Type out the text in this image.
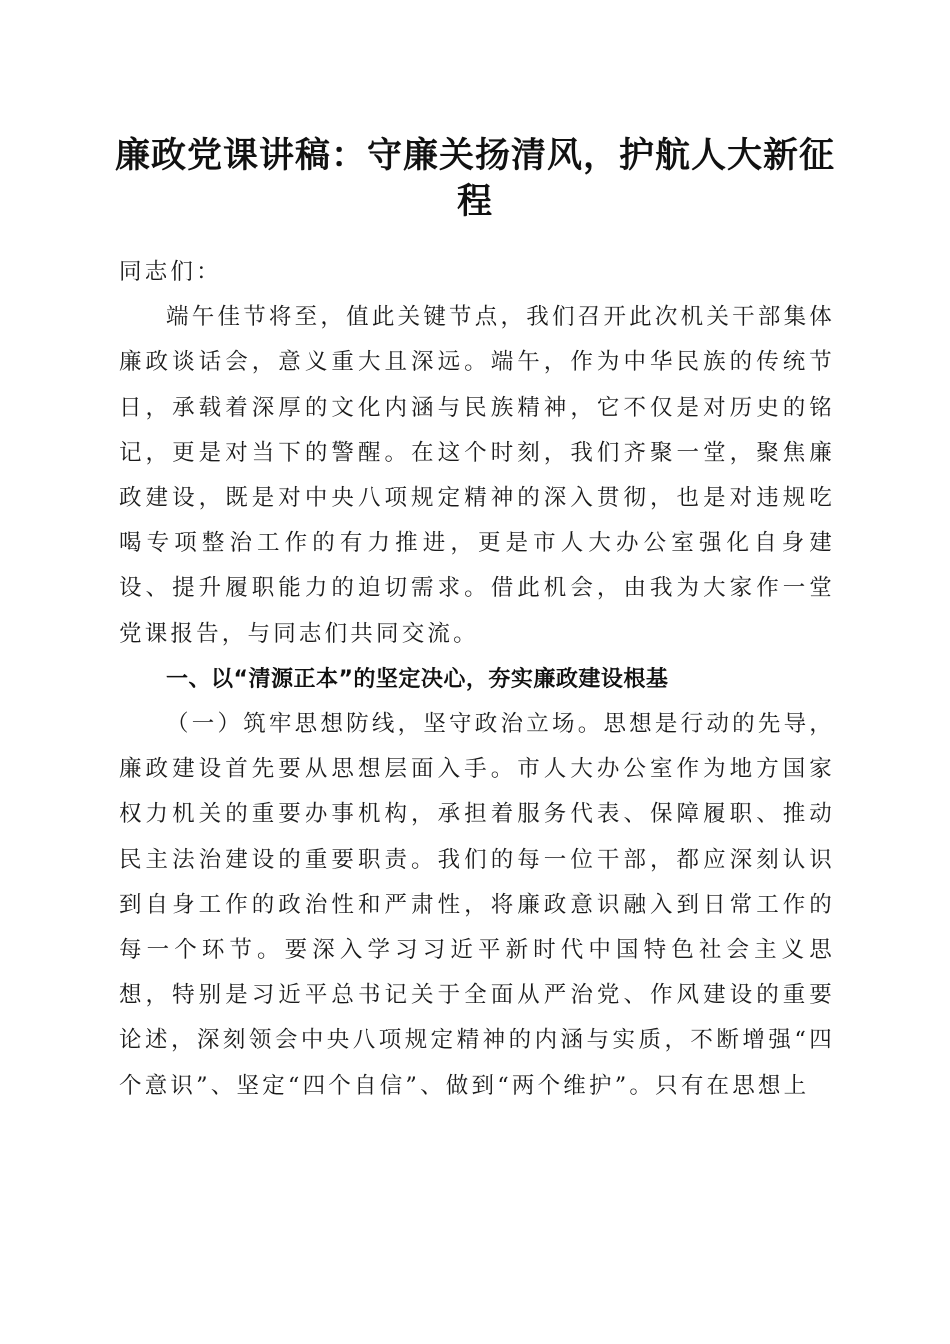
廉政党课讲稿：守廉关扬清风，护航人大新征程

同志们：

端午佳节将至，值此关键节点，我们召开此次机关干部集体廉政谈话会，意义重大且深远。端午，作为中华民族的传统节日，承载着深厚的文化内涵与民族精神，它不仅是对历史的铭记，更是对当下的警醒。在这个时刻，我们齐聚一堂，聚焦廉政建设，既是对中央八项规定精神的深入贯彻，也是对违规吃喝专项整治工作的有力推进，更是市人大办公室强化自身建设、提升履职能力的迫切需求。借此机会，由我为大家作一堂党课报告，与同志们共同交流。

一、以“清源正本”的坚定决心，夯实廉政建设根基

（一）筑牢思想防线，坚守政治立场。思想是行动的先导，廉政建设首先要从思想层面入手。市人大办公室作为地方国家权力机关的重要办事机构，承担着服务代表、保障履职、推动民主法治建设的重要职责。我们的每一位干部，都应深刻认识到自身工作的政治性和严肃性，将廉政意识融入到日常工作的每一个环节。要深入学习习近平新时代中国特色社会主义思想，特别是习近平总书记关于全面从严治党、作风建设的重要论述，深刻领会中央八项规定精神的内涵与实质，不断增强“四个意识”、坚定“四个自信”、做到“两个维护”。只有在思想上
